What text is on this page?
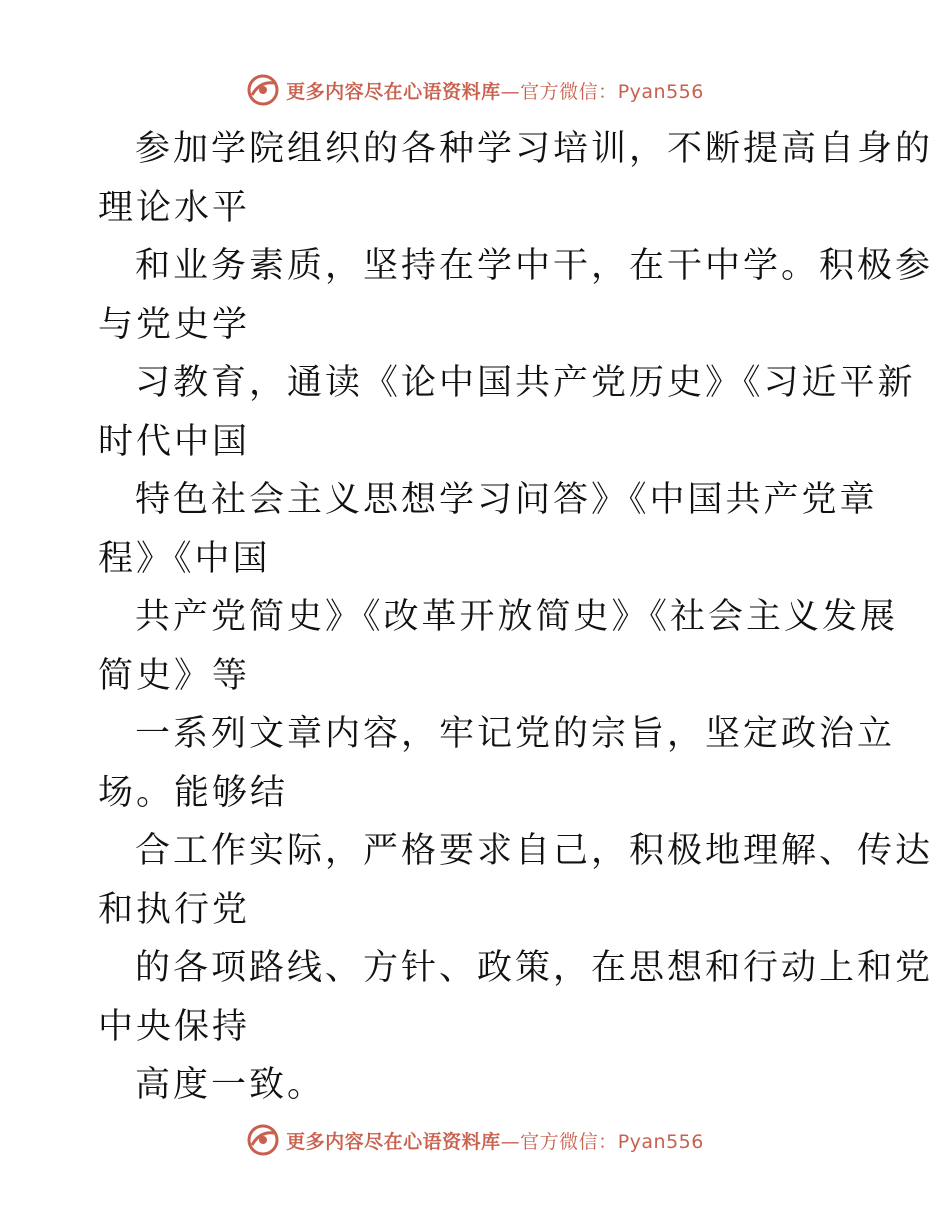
更多内容尽在心语资料库—官方微信：Pyan556
参加学院组织的各种学习培训，不断提高自身的
理论水平
和业务素质，坚持在学中干，在干中学。积极参
与党史学
习教育，通读《论中国共产党历史》《习近平新
时代中国
特色社会主义思想学习问答》《中国共产党章
程》《中国
共产党简史》《改革开放简史》《社会主义发展
简史》等
一系列文章内容，牢记党的宗旨，坚定政治立
场。能够结
合工作实际，严格要求自己，积极地理解、传达
和执行党
的各项路线、方针、政策，在思想和行动上和党
中央保持
高度一致。
更多内容尽在心语资料库—官方微信：Pyan556
